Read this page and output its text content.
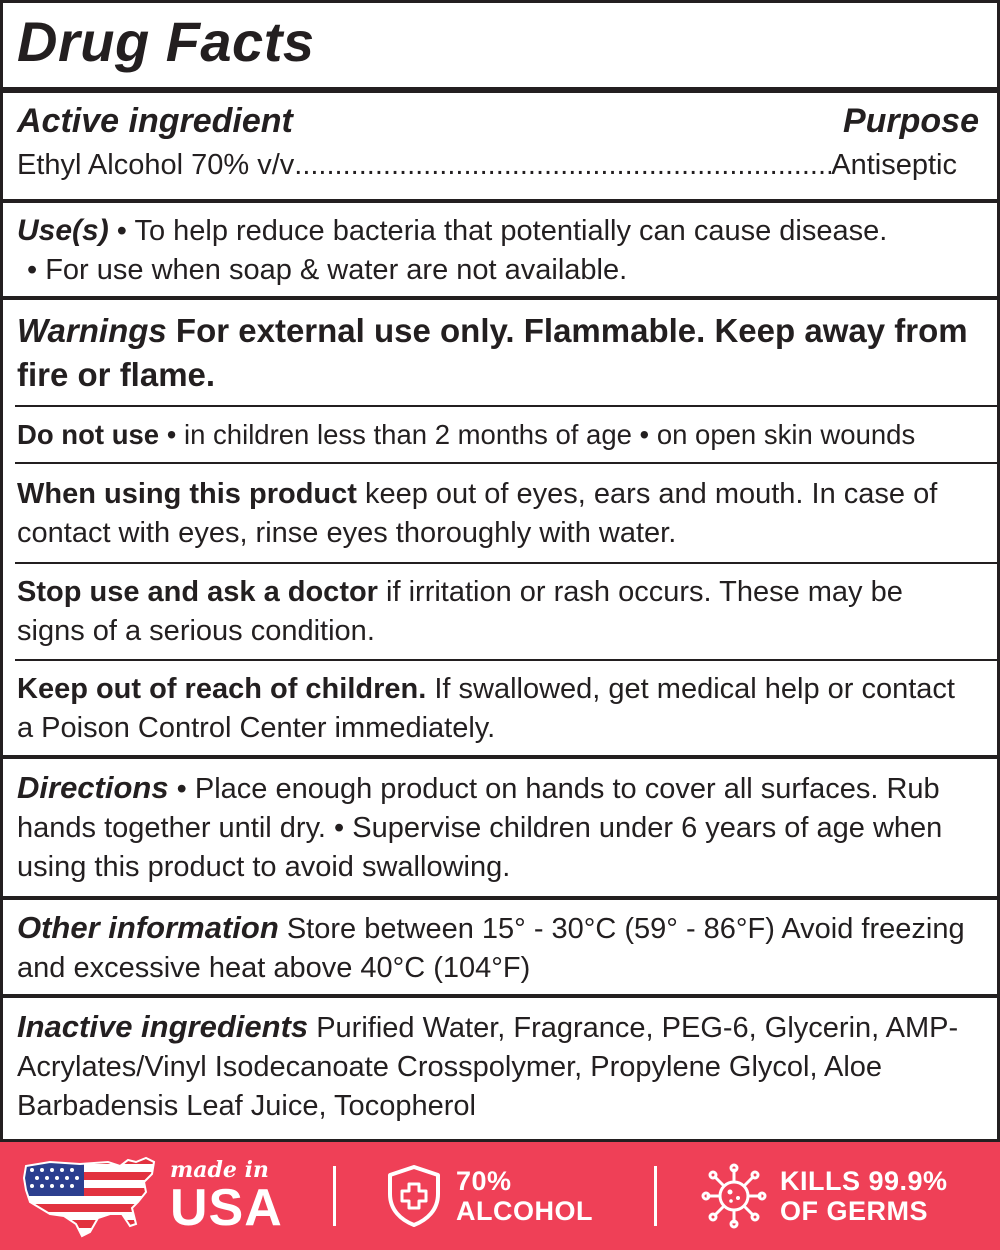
Drug Facts
Active ingredient	Purpose
Ethyl Alcohol 70% v/v
.....	Antiseptic
Use(s) • To help reduce bacteria that potentially can cause disease.
• For use when soap & water are not available.
Warnings For external use only. Flammable. Keep away from fire or flame.
Do not use • in children less than 2 months of age • on open skin wounds
When using this product keep out of eyes, ears and mouth. In case of contact with eyes, rinse eyes thoroughly with water.
Stop use and ask a doctor if irritation or rash occurs. These may be signs of a serious condition.
Keep out of reach of children. If swallowed, get medical help or contact a Poison Control Center immediately.
Directions • Place enough product on hands to cover all surfaces. Rub hands together until dry. • Supervise children under 6 years of age when using this product to avoid swallowing.
Other information Store between 15° - 30°C (59° - 86°F) Avoid freezing and excessive heat above 40°C (104°F)
Inactive ingredients Purified Water, Fragrance, PEG-6, Glycerin, AMP-Acrylates/Vinyl Isodecanoate Crosspolymer, Propylene Glycol, Aloe Barbadensis Leaf Juice, Tocopherol
made in
USA	70%
ALCOHOL
KILLS 99.9%
OF GERMS
